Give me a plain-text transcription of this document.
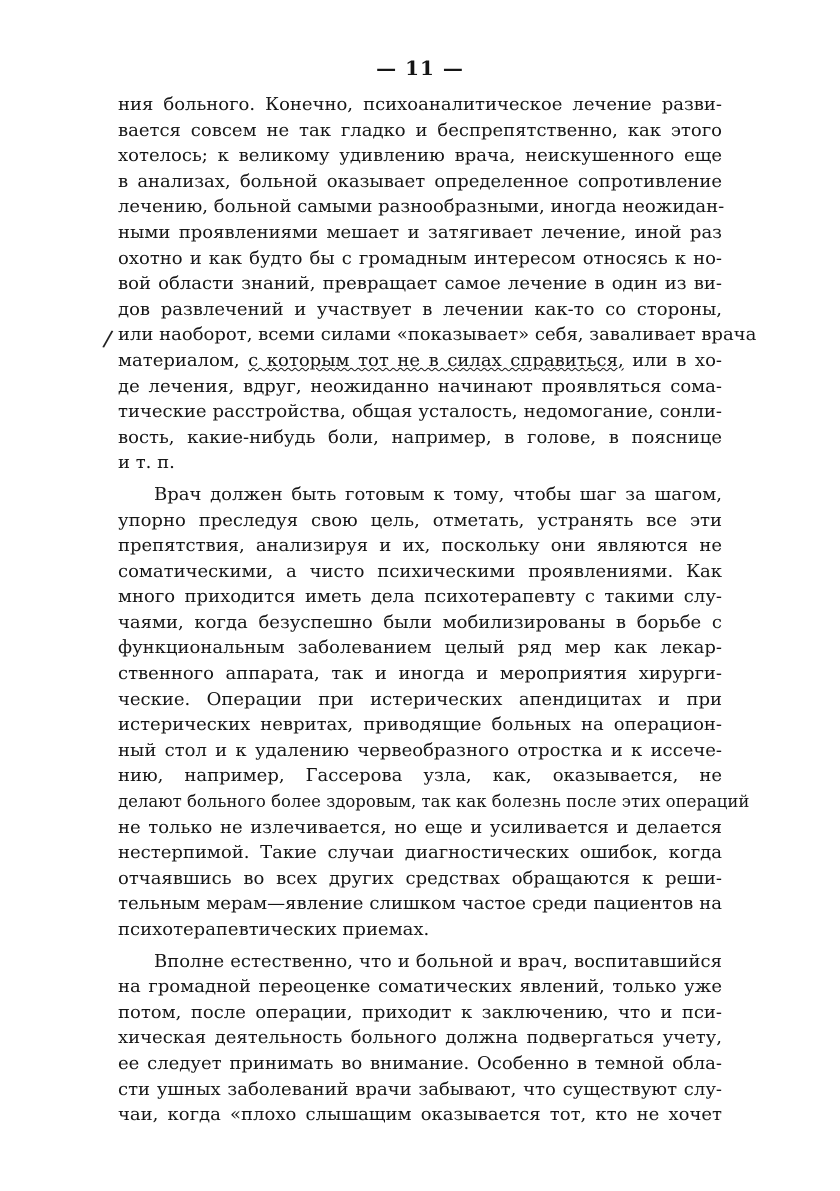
— 11 —
/
ния больного. Конечно, психоаналитическое лечение разви-
вается совсем не так гладко и беспрепятственно, как этого
хотелось; к великому удивлению врача, неискушенного еще
в анализах, больной оказывает определенное сопротивление
лечению, больной самыми разнообразными, иногда неожидан-
ными проявлениями мешает и затягивает лечение, иной раз
охотно и как будто бы с громадным интересом относясь к но-
вой области знаний, превращает самое лечение в один из ви-
дов развлечений и участвует в лечении как-то со стороны,
или наоборот, всеми силами «показывает» себя, заваливает врача
материалом, с которым тот не в силах справиться, или в хо-
де лечения, вдруг, неожиданно начинают проявляться сома-
тические расстройства, общая усталость, недомогание, сонли-
вость, какие-нибудь боли, например, в голове, в пояснице
и т. п.
Врач должен быть готовым к тому, чтобы шаг за шагом,
упорно преследуя свою цель, отметать, устранять все эти
препятствия, анализируя и их, поскольку они являются не
соматическими, а чисто психическими проявлениями. Как
много приходится иметь дела психотерапевту с такими слу-
чаями, когда безуспешно были мобилизированы в борьбе с
функциональным заболеванием целый ряд мер как лекар-
ственного аппарата, так и иногда и мероприятия хирурги-
ческие. Операции при истерических апендицитах и при
истерических невритах, приводящие больных на операцион-
ный стол и к удалению червеобразного отростка и к иссече-
нию, например, Гассерова узла, как, оказывается, не
делают больного более здоровым, так как болезнь после этих операций
не только не излечивается, но еще и усиливается и делается
нестерпимой. Такие случаи диагностических ошибок, когда
отчаявшись во всех других средствах обращаются к реши-
тельным мерам—явление слишком частое среди пациентов на
психотерапевтических приемах.
Вполне естественно, что и больной и врач, воспитавшийся
на громадной переоценке соматических явлений, только уже
потом, после операции, приходит к заключению, что и пси-
хическая деятельность больного должна подвергаться учету,
ее следует принимать во внимание. Особенно в темной обла-
сти ушных заболеваний врачи забывают, что существуют слу-
чаи, когда «плохо слышащим оказывается тот, кто не хочет
